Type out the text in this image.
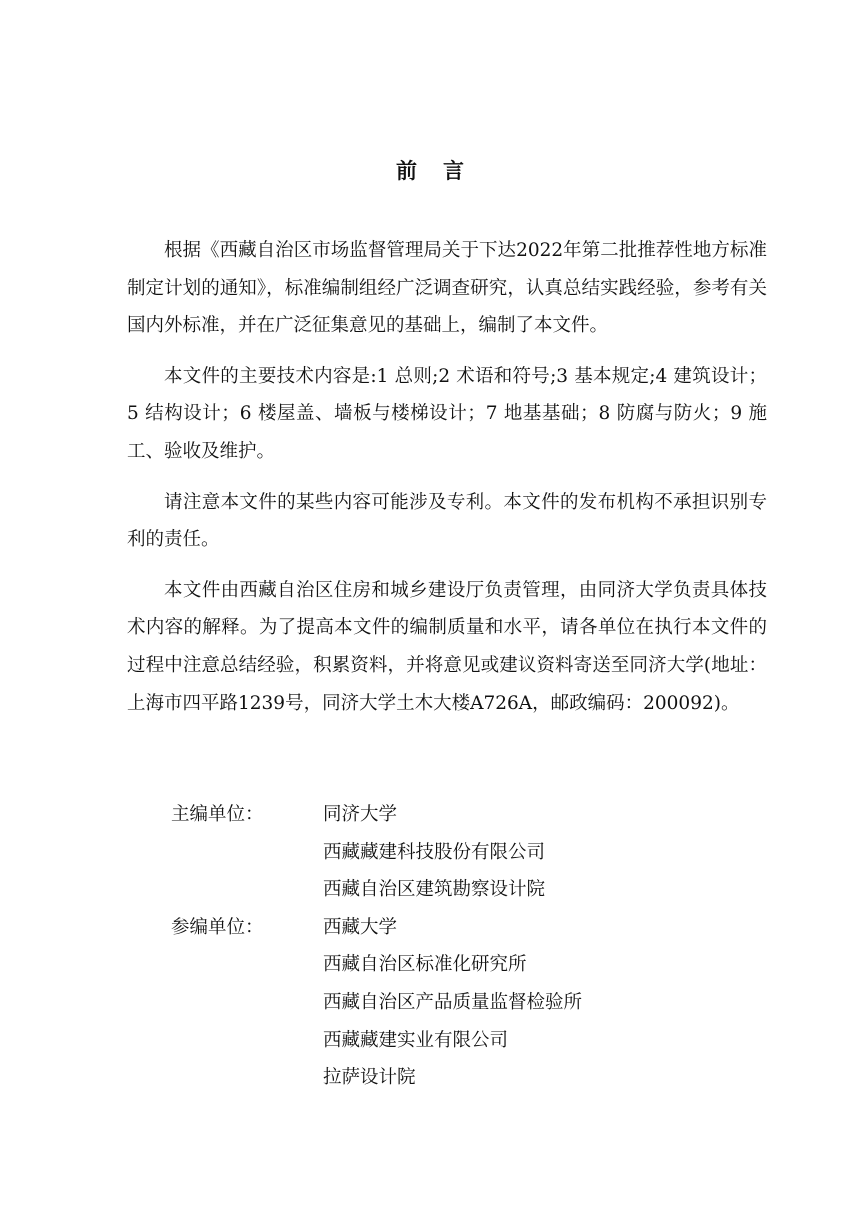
前言

根据《西藏自治区市场监督管理局关于下达2022年第二批推荐性地方标准制定计划的通知》，标准编制组经广泛调查研究，认真总结实践经验，参考有关国内外标准，并在广泛征集意见的基础上，编制了本文件。

本文件的主要技术内容是:1 总则;2 术语和符号;3 基本规定;4 建筑设计；5 结构设计；6 楼屋盖、墙板与楼梯设计；7 地基基础；8 防腐与防火；9 施工、验收及维护。

请注意本文件的某些内容可能涉及专利。本文件的发布机构不承担识别专利的责任。

本文件由西藏自治区住房和城乡建设厅负责管理，由同济大学负责具体技术内容的解释。为了提高本文件的编制质量和水平，请各单位在执行本文件的过程中注意总结经验，积累资料，并将意见或建议资料寄送至同济大学(地址：上海市四平路1239号，同济大学土木大楼A726A，邮政编码：200092)。

主编单位：	同济大学
西藏藏建科技股份有限公司
西藏自治区建筑勘察设计院
参编单位：	西藏大学
西藏自治区标准化研究所
西藏自治区产品质量监督检验所
西藏藏建实业有限公司
拉萨设计院
